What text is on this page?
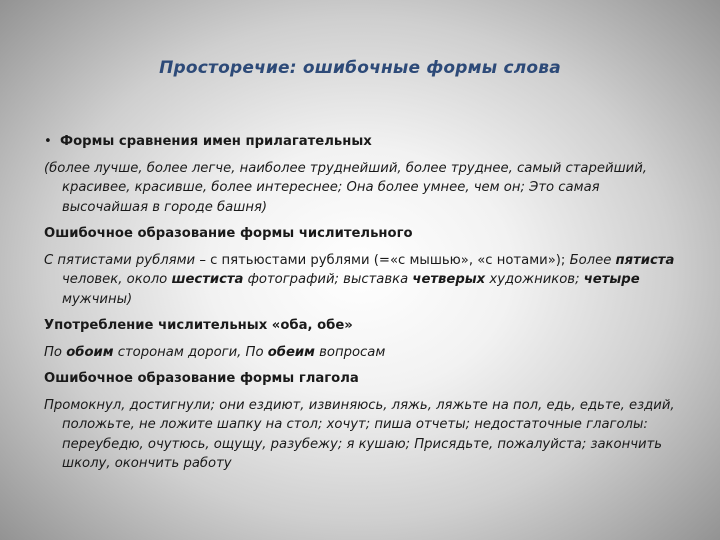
Просторечие: ошибочные формы слова
• Формы сравнения имен прилагательных
(более лучше, более легче, наиболее труднейший, более труднее, самый старейший, красивее, красивше, более интереснее; Она более умнее, чем он; Это самая высочайшая в городе башня)
Ошибочное образование формы числительного
С пятистами рублями – с пятьюстами рублями (=«с мышью», «с нотами»); Более пятиста человек, около шестиста фотографий; выставка четверых художников; четыре мужчины)
Употребление числительных «оба, обе»
По обоим сторонам дороги, По обеим вопросам
Ошибочное образование формы глагола
Промокнул, достигнули; они ездиют, извиняюсь, ляжь, ляжьте на пол, едь, едьте, ездий, положьте, не ложите шапку на стол; хочут; пиша отчеты; недостаточные глаголы: переубедю, очутюсь, ощущу, разубежу; я кушаю; Присядьте, пожалуйста; закончить школу, окончить работу
